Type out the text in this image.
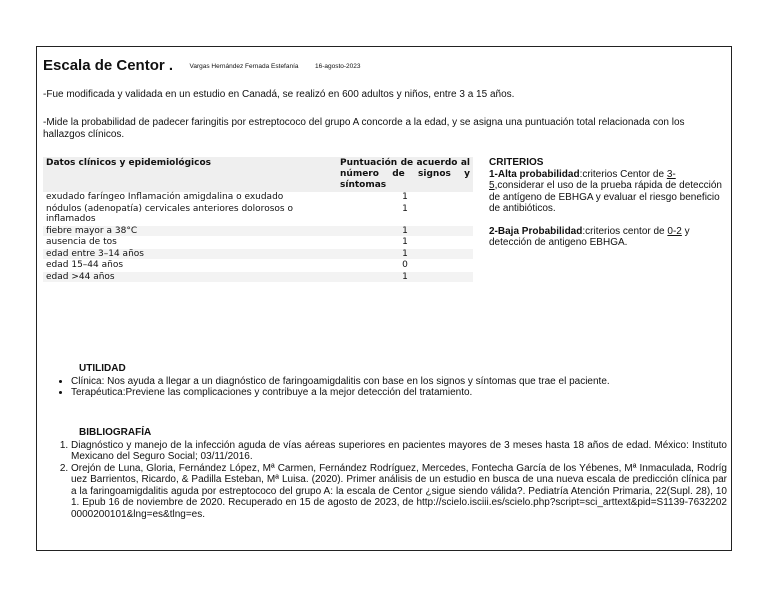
Escala de Centor .	Vargas Hernández Fernada Estefanía	16-agosto-2023
-Fue modificada y validada en un estudio en Canadá, se realizó en 600 adultos y niños, entre 3 a 15 años.
-Mide la probabilidad de padecer faringitis por estreptococo del grupo A concorde a la edad, y se asigna una puntuación total relacionada con los hallazgos clínicos.
Datos clínicos y epidemiológicos	Puntuación de acuerdo al número de signos y síntomas
exudado faríngeo Inflamación amigdalina o exudado	1
nódulos (adenopatía) cervicales anteriores dolorosos o inflamados	1
fiebre mayor a 38°C	1
ausencia de tos	1
edad entre 3–14 años	1
edad 15–44 años	0
edad >44 años	1
CRITERIOS
1-Alta probabilidad:criterios Centor de 3-5,considerar el uso de la prueba rápida de detección de antígeno de EBHGA y evaluar el riesgo beneficio de antibióticos.
2-Baja Probabilidad:criterios centor de 0-2 y detección de antigeno EBHGA.
UTILIDAD
• Clínica: Nos ayuda a llegar a un diagnóstico de faringoamigdalitis con base en los signos y síntomas que trae el paciente.
• Terapéutica:Previene las complicaciones y contribuye a la mejor detección del tratamiento.
BIBLIOGRAFÍA
1. Diagnóstico y manejo de la infección aguda de vías aéreas superiores en pacientes mayores de 3 meses hasta 18 años de edad. México: Instituto Mexicano del Seguro Social; 03/11/2016.
2. Orejón de Luna, Gloria, Fernández López, Mª Carmen, Fernández Rodríguez, Mercedes, Fontecha García de los Yébenes, Mª Inmaculada, Rodríguez Barrientos, Ricardo, & Padilla Esteban, Mª Luisa. (2020). Primer análisis de un estudio en busca de una nueva escala de predicción clínica para la faringoamigdalitis aguda por estreptococo del grupo A: la escala de Centor ¿sigue siendo válida?. Pediatría Atención Primaria, 22(Supl. 28), 101. Epub 16 de noviembre de 2020. Recuperado en 15 de agosto de 2023, de http://scielo.isciii.es/scielo.php?script=sci_arttext&pid=S1139-76322020000200101&lng=es&tlng=es.
